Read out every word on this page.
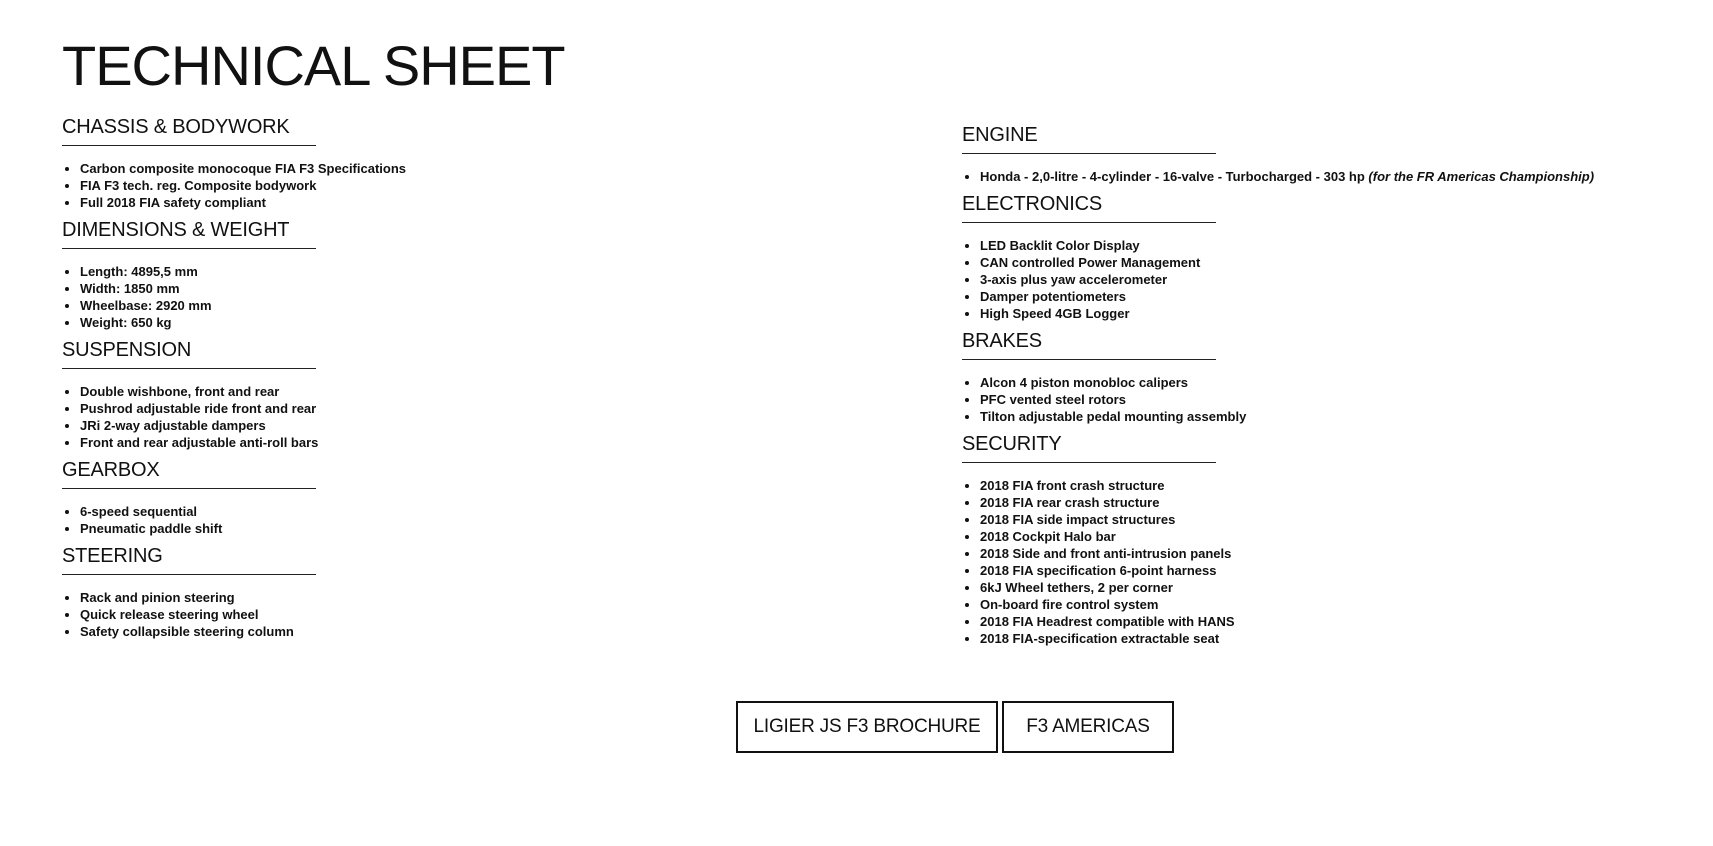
TECHNICAL SHEET
CHASSIS & BODYWORK
• Carbon composite monocoque FIA F3 Specifications
• FIA F3 tech. reg. Composite bodywork
• Full 2018 FIA safety compliant
DIMENSIONS & WEIGHT
• Length: 4895,5 mm
• Width: 1850 mm
• Wheelbase: 2920 mm
• Weight: 650 kg
SUSPENSION
• Double wishbone, front and rear
• Pushrod adjustable ride front and rear
• JRi 2-way adjustable dampers
• Front and rear adjustable anti-roll bars
GEARBOX
• 6-speed sequential
• Pneumatic paddle shift
STEERING
• Rack and pinion steering
• Quick release steering wheel
• Safety collapsible steering column
ENGINE
• Honda - 2,0-litre - 4-cylinder - 16-valve - Turbocharged - 303 hp (for the FR Americas Championship)
ELECTRONICS
• LED Backlit Color Display
• CAN controlled Power Management
• 3-axis plus yaw accelerometer
• Damper potentiometers
• High Speed 4GB Logger
BRAKES
• Alcon 4 piston monobloc calipers
• PFC vented steel rotors
• Tilton adjustable pedal mounting assembly
SECURITY
• 2018 FIA front crash structure
• 2018 FIA rear crash structure
• 2018 FIA side impact structures
• 2018 Cockpit Halo bar
• 2018 Side and front anti-intrusion panels
• 2018 FIA specification 6-point harness
• 6kJ Wheel tethers, 2 per corner
• On-board fire control system
• 2018 FIA Headrest compatible with HANS
• 2018 FIA-specification extractable seat
LIGIER JS F3 BROCHURE	F3 AMERICAS
